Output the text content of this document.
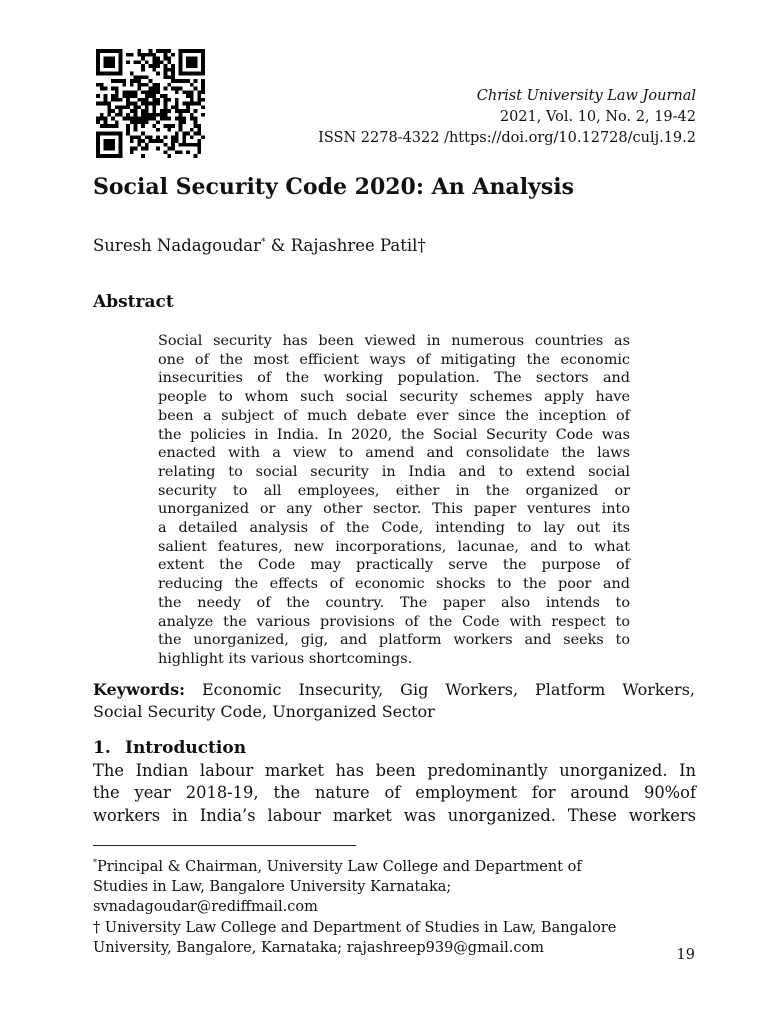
Christ University Law Journal
2021, Vol. 10, No. 2, 19-42
ISSN 2278-4322 /https://doi.org/10.12728/culj.19.2
Social Security Code 2020: An Analysis
Suresh Nadagoudar* & Rajashree Patil†
Abstract
Social security has been viewed in numerous countries as
one of the most efficient ways of mitigating the economic
insecurities of the working population. The sectors and
people to whom such social security schemes apply have
been a subject of much debate ever since the inception of
the policies in India. In 2020, the Social Security Code was
enacted with a view to amend and consolidate the laws
relating to social security in India and to extend social
security to all employees, either in the organized or
unorganized or any other sector. This paper ventures into
a detailed analysis of the Code, intending to lay out its
salient features, new incorporations, lacunae, and to what
extent the Code may practically serve the purpose of
reducing the effects of economic shocks to the poor and
the needy of the country. The paper also intends to
analyze the various provisions of the Code with respect to
the unorganized, gig, and platform workers and seeks to
highlight its various shortcomings.
Keywords: Economic Insecurity, Gig Workers, Platform Workers,
Social Security Code, Unorganized Sector
1. Introduction
The Indian labour market has been predominantly unorganized. In
the year 2018-19, the nature of employment for around 90%of
workers in India’s labour market was unorganized. These workers

*Principal & Chairman, University Law College and Department of

Studies in Law, Bangalore University Karnataka;

svnadagoudar@rediffmail.com

† University Law College and Department of Studies in Law, Bangalore

University, Bangalore, Karnataka; rajashreep939@gmail.com	19
